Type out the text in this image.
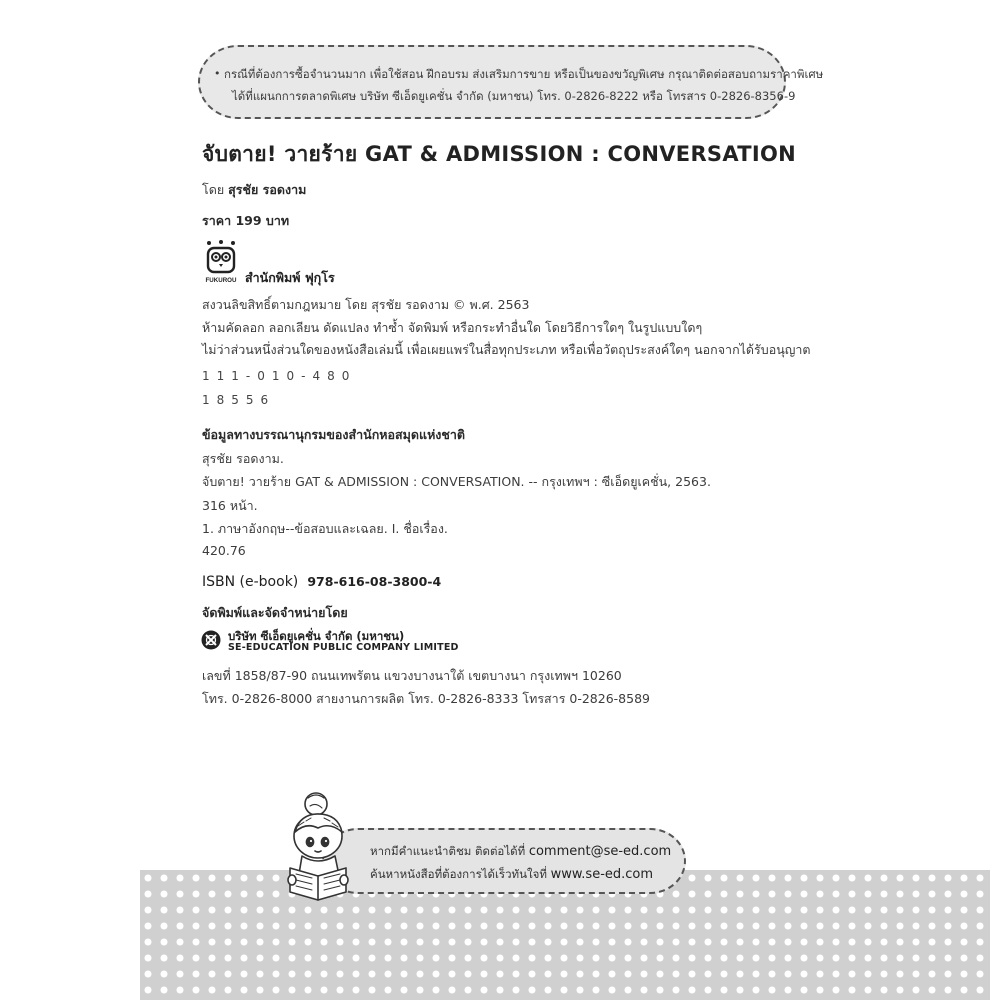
• กรณีที่ต้องการซื้อจำนวนมาก เพื่อใช้สอน ฝึกอบรม ส่งเสริมการขาย หรือเป็นของขวัญพิเศษ กรุณาติดต่อสอบถามราคาพิเศษ
ได้ที่แผนกการตลาดพิเศษ บริษัท ซีเอ็ดยูเคชั่น จำกัด (มหาชน) โทร. 0-2826-8222 หรือ โทรสาร 0-2826-8356-9
จับตาย! วายร้าย GAT & ADMISSION : CONVERSATION
โดย สุรชัย รอดงาม
ราคา 199 บาท
FUKUROU สำนักพิมพ์ ฟุกุโร
สงวนลิขสิทธิ์ตามกฎหมาย โดย สุรชัย รอดงาม © พ.ศ. 2563
ห้ามคัดลอก ลอกเลียน ดัดแปลง ทำซ้ำ จัดพิมพ์ หรือกระทำอื่นใด โดยวิธีการใดๆ ในรูปแบบใดๆ
ไม่ว่าส่วนหนึ่งส่วนใดของหนังสือเล่มนี้ เพื่อเผยแพร่ในสื่อทุกประเภท หรือเพื่อวัตถุประสงค์ใดๆ นอกจากได้รับอนุญาต
111-010-480
18556
ข้อมูลทางบรรณานุกรมของสำนักหอสมุดแห่งชาติ
สุรชัย รอดงาม.
จับตาย! วายร้าย GAT & ADMISSION : CONVERSATION. -- กรุงเทพฯ : ซีเอ็ดยูเคชั่น, 2563.
316 หน้า.
1. ภาษาอังกฤษ--ข้อสอบและเฉลย. I. ชื่อเรื่อง.
420.76
ISBN (e-book) 978-616-08-3800-4
จัดพิมพ์และจัดจำหน่ายโดย
บริษัท ซีเอ็ดยูเคชั่น จำกัด (มหาชน)
SE-EDUCATION PUBLIC COMPANY LIMITED
เลขที่ 1858/87-90 ถนนเทพรัตน แขวงบางนาใต้ เขตบางนา กรุงเทพฯ 10260
โทร. 0-2826-8000 สายงานการผลิต โทร. 0-2826-8333 โทรสาร 0-2826-8589
หากมีคำแนะนำติชม ติดต่อได้ที่ comment@se-ed.com
ค้นหาหนังสือที่ต้องการได้เร็วทันใจที่ www.se-ed.com
